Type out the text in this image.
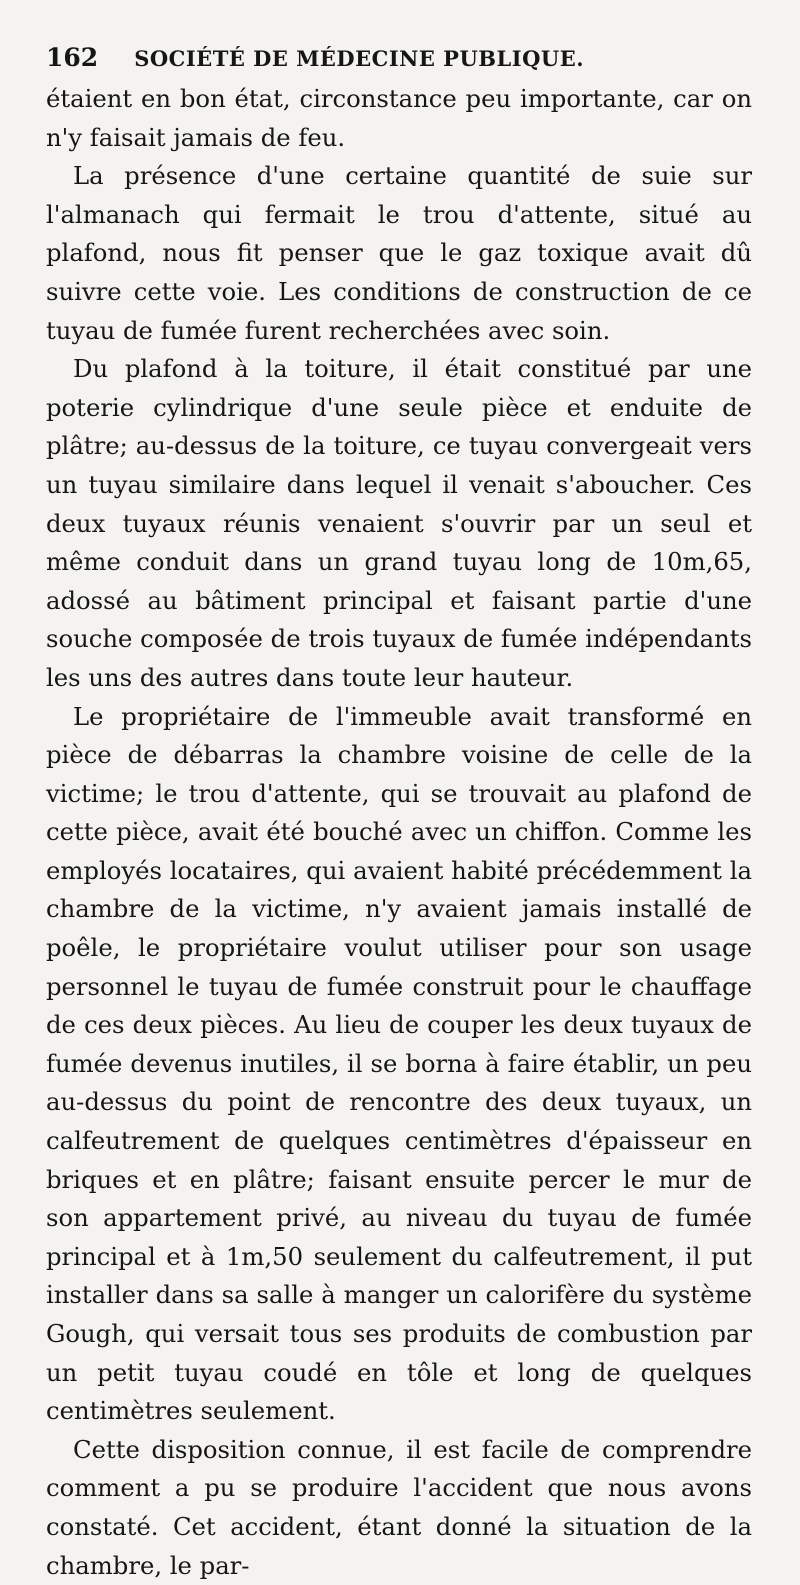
162 SOCIÉTÉ DE MÉDECINE PUBLIQUE.

étaient en bon état, circonstance peu importante, car on n'y faisait jamais de feu.

La présence d'une certaine quantité de suie sur l'almanach qui fermait le trou d'attente, situé au plafond, nous fit penser que le gaz toxique avait dû suivre cette voie. Les conditions de construction de ce tuyau de fumée furent recherchées avec soin.

Du plafond à la toiture, il était constitué par une poterie cylindrique d'une seule pièce et enduite de plâtre; au-dessus de la toiture, ce tuyau convergeait vers un tuyau similaire dans lequel il venait s'aboucher. Ces deux tuyaux réunis venaient s'ouvrir par un seul et même conduit dans un grand tuyau long de 10m,65, adossé au bâtiment principal et faisant partie d'une souche composée de trois tuyaux de fumée indépendants les uns des autres dans toute leur hauteur.

Le propriétaire de l'immeuble avait transformé en pièce de débarras la chambre voisine de celle de la victime; le trou d'attente, qui se trouvait au plafond de cette pièce, avait été bouché avec un chiffon. Comme les employés locataires, qui avaient habité précédemment la chambre de la victime, n'y avaient jamais installé de poêle, le propriétaire voulut utiliser pour son usage personnel le tuyau de fumée construit pour le chauffage de ces deux pièces. Au lieu de couper les deux tuyaux de fumée devenus inutiles, il se borna à faire établir, un peu au-dessus du point de rencontre des deux tuyaux, un calfeutrement de quelques centimètres d'épaisseur en briques et en plâtre; faisant ensuite percer le mur de son appartement privé, au niveau du tuyau de fumée principal et à 1m,50 seulement du calfeutrement, il put installer dans sa salle à manger un calorifère du système Gough, qui versait tous ses produits de combustion par un petit tuyau coudé en tôle et long de quelques centimètres seulement.

Cette disposition connue, il est facile de comprendre comment a pu se produire l'accident que nous avons constaté. Cet accident, étant donné la situation de la chambre, le par-
